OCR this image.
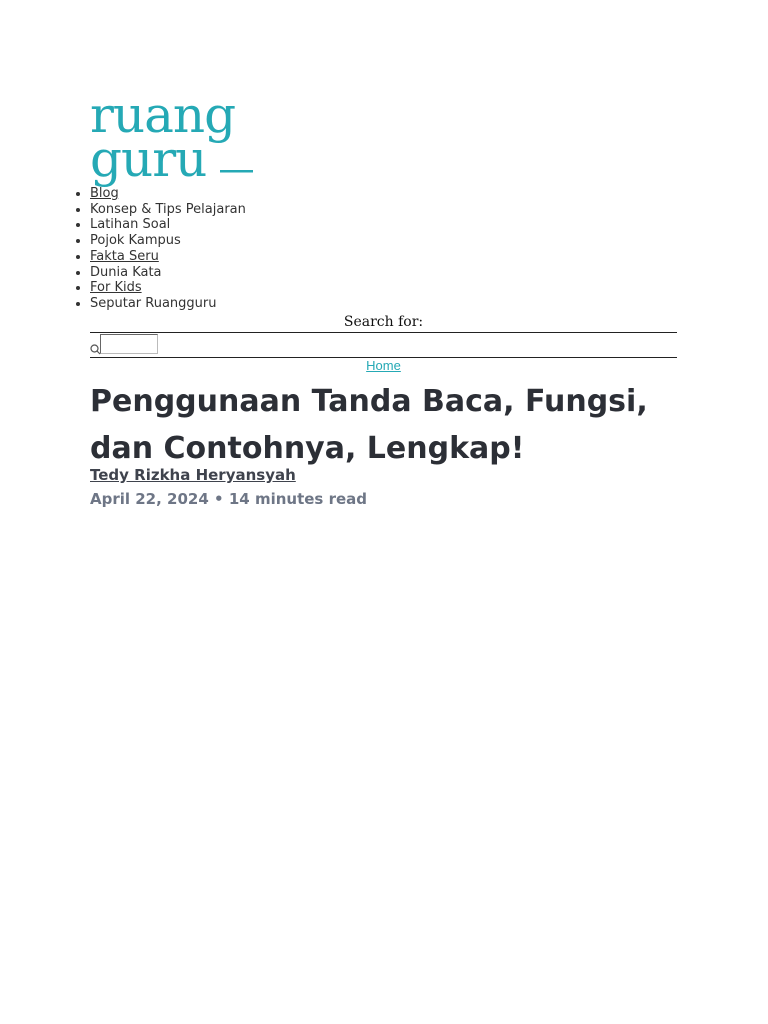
ruang
guru
• Blog
• Konsep & Tips Pelajaran
• Latihan Soal
• Pojok Kampus
• Fakta Seru
• Dunia Kata
• For Kids
• Seputar Ruangguru
Search for:
Home
Penggunaan Tanda Baca, Fungsi, dan Contohnya, Lengkap!
Tedy Rizkha Heryansyah
April 22, 2024 • 14 minutes read
